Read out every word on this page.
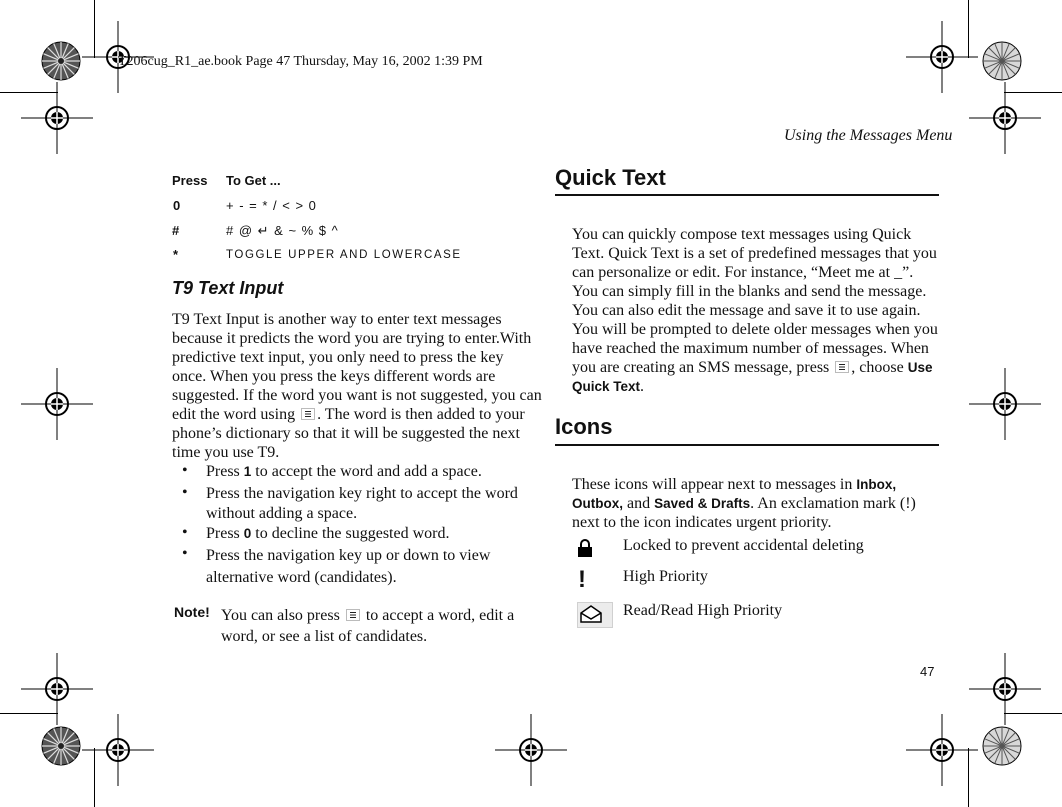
T206cug_R1_ae.book Page 47 Thursday, May 16, 2002 1:39 PM
Using the Messages Menu
47
Press To Get ...
0	+ - = * / < > 0
#	# @ ↵ & ~ % $ ^
*	TOGGLE UPPER AND LOWERCASE
T9 Text Input
T9 Text Input is another way to enter text messages
because it predicts the word you are trying to enter.With
predictive text input, you only need to press the key
once. When you press the keys different words are
suggested. If the word you want is not suggested, you can
edit the word using . The word is then added to your
phone’s dictionary so that it will be suggested the next
time you use T9.
• Press 1 to accept the word and add a space.
• Press the navigation key right to accept the word without adding a space.
• Press 0 to decline the suggested word.
• Press the navigation key up or down to view alternative word (candidates).
Note! You can also press to accept a word, edit a word, or see a list of candidates.
Quick Text
You can quickly compose text messages using Quick
Text. Quick Text is a set of predefined messages that you
can personalize or edit. For instance, “Meet me at _”.
You can simply fill in the blanks and send the message.
You can also edit the message and save it to use again.
You will be prompted to delete older messages when you
have reached the maximum number of messages. When
you are creating an SMS message, press , choose Use
Quick Text.
Icons
These icons will appear next to messages in Inbox,
Outbox, and Saved & Drafts. An exclamation mark (!)
next to the icon indicates urgent priority.
Locked to prevent accidental deleting
! High Priority
Read/Read High Priority
